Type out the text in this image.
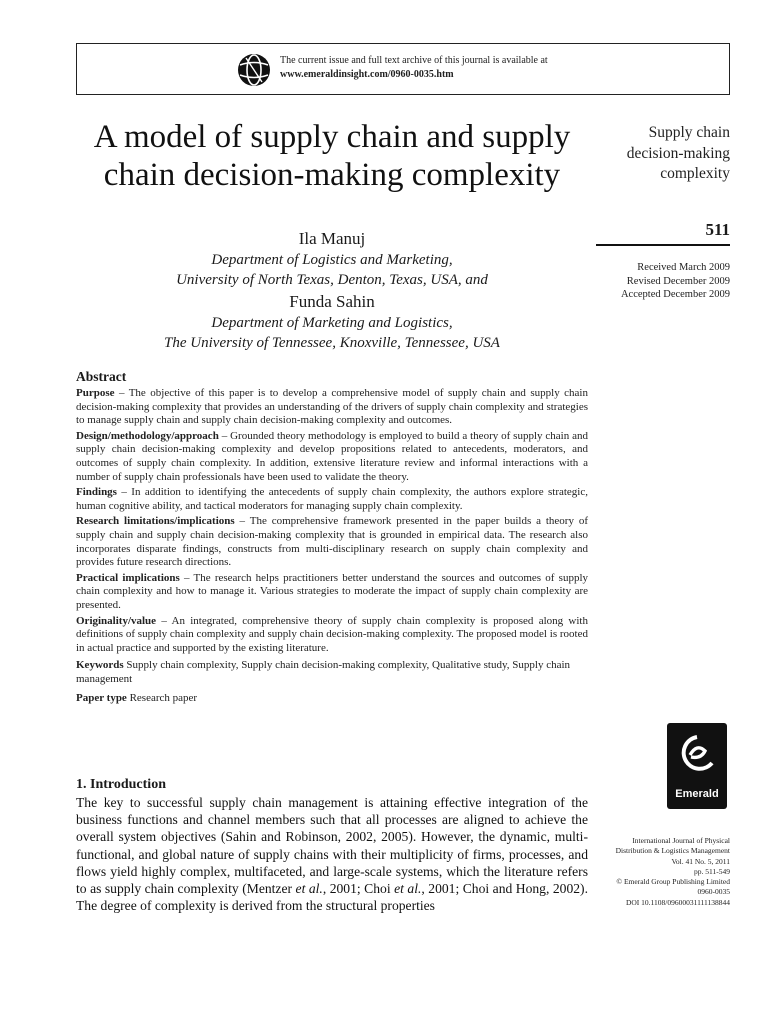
The current issue and full text archive of this journal is available at
www.emeraldinsight.com/0960-0035.htm
A model of supply chain and supply chain decision-making complexity
Ila Manuj
Department of Logistics and Marketing,
University of North Texas, Denton, Texas, USA, and
Funda Sahin
Department of Marketing and Logistics,
The University of Tennessee, Knoxville, Tennessee, USA
Supply chain decision-making complexity
511
Received March 2009
Revised December 2009
Accepted December 2009
Abstract

Purpose – The objective of this paper is to develop a comprehensive model of supply chain and supply chain decision-making complexity that provides an understanding of the drivers of supply chain complexity and strategies to manage supply chain and supply chain decision-making complexity and outcomes.

Design/methodology/approach – Grounded theory methodology is employed to build a theory of supply chain and supply chain decision-making complexity and develop propositions related to antecedents, moderators, and outcomes of supply chain complexity. In addition, extensive literature review and informal interactions with a number of supply chain professionals have been used to validate the theory.

Findings – In addition to identifying the antecedents of supply chain complexity, the authors explore strategic, human cognitive ability, and tactical moderators for managing supply chain complexity.

Research limitations/implications – The comprehensive framework presented in the paper builds a theory of supply chain and supply chain decision-making complexity that is grounded in empirical data. The research also incorporates disparate findings, constructs from multi-disciplinary research on supply chain complexity and provides future research directions.

Practical implications – The research helps practitioners better understand the sources and outcomes of supply chain complexity and how to manage it. Various strategies to moderate the impact of supply chain complexity are presented.

Originality/value – An integrated, comprehensive theory of supply chain complexity is proposed along with definitions of supply chain complexity and supply chain decision-making complexity. The proposed model is rooted in actual practice and supported by the existing literature.

Keywords Supply chain complexity, Supply chain decision-making complexity, Qualitative study, Supply chain management

Paper type Research paper

1. Introduction

The key to successful supply chain management is attaining effective integration of the business functions and channel members such that all processes are aligned to achieve the overall system objectives (Sahin and Robinson, 2002, 2005). However, the dynamic, multi-functional, and global nature of supply chains with their multiplicity of firms, processes, and flows yield highly complex, multifaceted, and large-scale systems, which the literature refers to as supply chain complexity (Mentzer et al., 2001; Choi et al., 2001; Choi and Hong, 2002). The degree of complexity is derived from the structural properties

Emerald
International Journal of Physical
Distribution & Logistics Management
Vol. 41 No. 5, 2011
pp. 511-549
© Emerald Group Publishing Limited
0960-0035
DOI 10.1108/09600031111138844
